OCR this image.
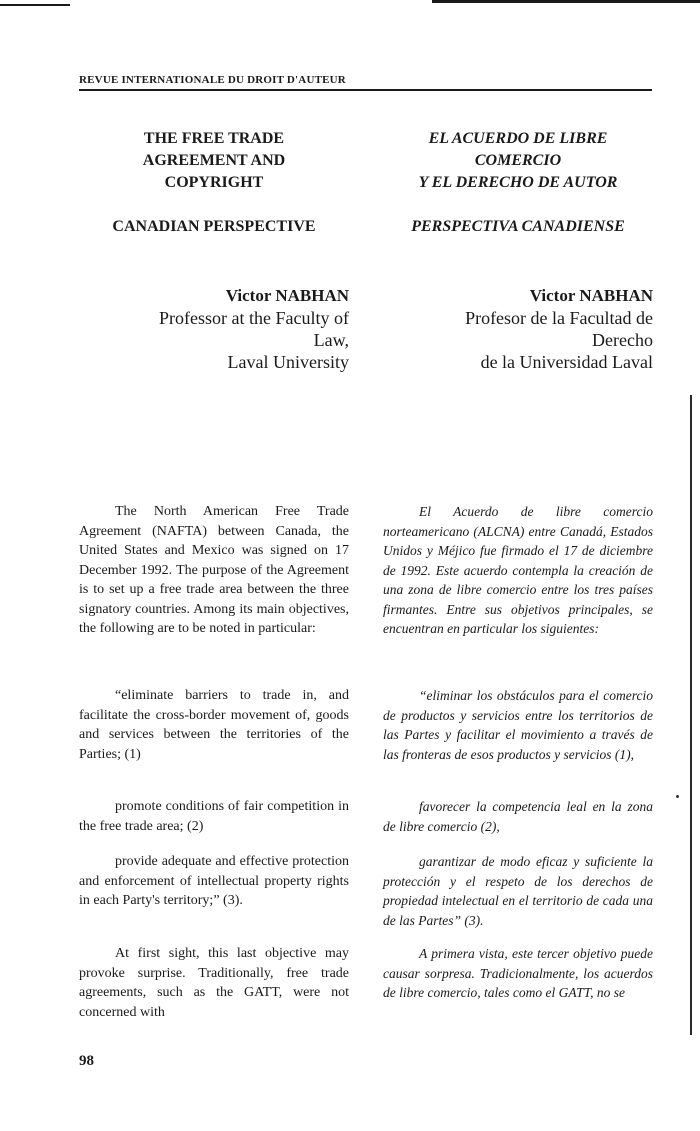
REVUE INTERNATIONALE DU DROIT D'AUTEUR

THE FREE TRADE

AGREEMENT AND

COPYRIGHT

CANADIAN PERSPECTIVE

Victor NABHAN
Professor at the Faculty of
Law,
Laval University

The North American Free Trade Agreement (NAFTA) between Canada, the United States and Mexico was signed on 17 December 1992. The purpose of the Agreement is to set up a free trade area between the three signatory countries. Among its main objectives, the following are to be noted in particular:

“eliminate barriers to trade in, and facilitate the cross-border movement of, goods and services between the territories of the Parties; (1)

promote conditions of fair competition in the free trade area; (2)

provide adequate and effective protection and enforcement of intellectual property rights in each Party's territory;” (3).

At first sight, this last objective may provoke surprise. Traditionally, free trade agreements, such as the GATT, were not concerned with

EL ACUERDO DE LIBRE

COMERCIO

Y EL DERECHO DE AUTOR

PERSPECTIVA CANADIENSE

Victor NABHAN
Profesor de la Facultad de
Derecho
de la Universidad Laval

El Acuerdo de libre comercio norteamericano (ALCNA) entre Canadá, Estados Unidos y Méjico fue firmado el 17 de diciembre de 1992. Este acuerdo contempla la creación de una zona de libre comercio entre los tres países firmantes. Entre sus objetivos principales, se encuentran en particular los siguientes:

“eliminar los obstáculos para el comercio de productos y servicios entre los territorios de las Partes y facilitar el movimiento a través de las fronteras de esos productos y servicios (1),

favorecer la competencia leal en la zona de libre comercio (2),

garantizar de modo eficaz y suficiente la protección y el respeto de los derechos de propiedad intelectual en el territorio de cada una de las Partes” (3).

A primera vista, este tercer objetivo puede causar sorpresa. Tradicionalmente, los acuerdos de libre comercio, tales como el GATT, no se

98
